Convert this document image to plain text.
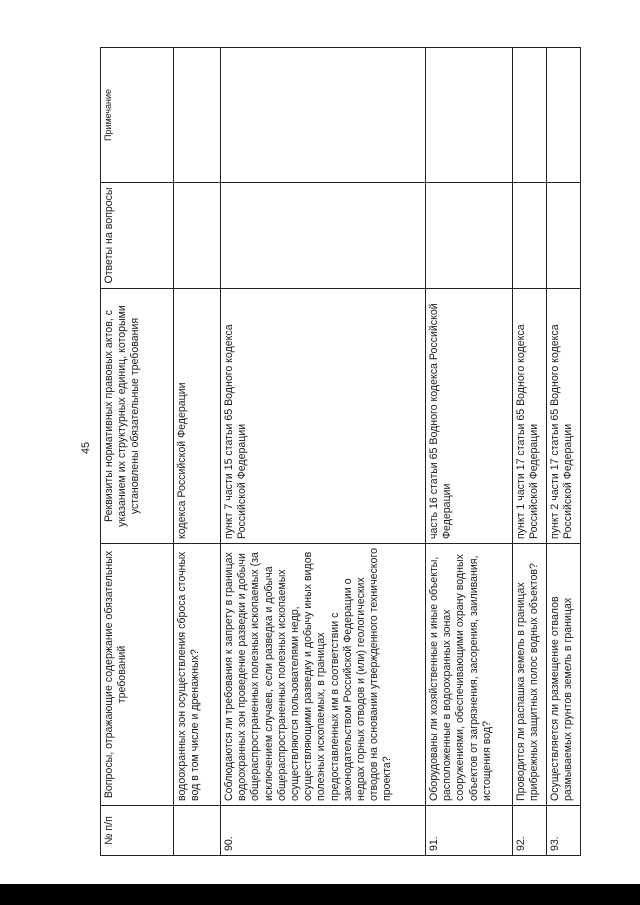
45
№ п/п	Вопросы, отражающие содержание обязательных требований	Реквизиты нормативных правовых актов, с указанием их структурных единиц, которыми установлены обязательные требования	Ответы на вопросы	Примечание
	водоохранных зон осуществления сброса сточных вод в том числе и дренажных?	кодекса Российской Федерации		
90.	Соблюдаются ли требования к запрету в границах водоохранных зон проведение разведки и добычи общераспространенных полезных ископаемых (за исключением случаев, если разведка и добыча общераспространенных полезных ископаемых осуществляются пользователями недр, осуществляющими разведку и добычу иных видов полезных ископаемых, в границах предоставленных им в соответствии с законодательством Российской Федерации о недрах горных отводов и (или) геологических отводов на основании утвержденного технического проекта?	пункт 7 части 15 статьи 65 Водного кодекса Российской Федерации		
91.	Оборудованы ли хозяйственные и иные объекты, расположенные в водоохранных зонах сооружениями, обеспечивающими охрану водных объектов от загрязнения, засорения, заиливания, истощения вод?	часть 16 статьи 65 Водного кодекса Российской Федерации		
92.	Проводится ли распашка земель в границах прибрежных защитных полос водных объектов?	пункт 1 части 17 статьи 65 Водного кодекса Российской Федерации		
93.	Осуществляется ли размещение отвалов размываемых грунтов земель в границах	пункт 2 части 17 статьи 65 Водного кодекса Российской Федерации		
